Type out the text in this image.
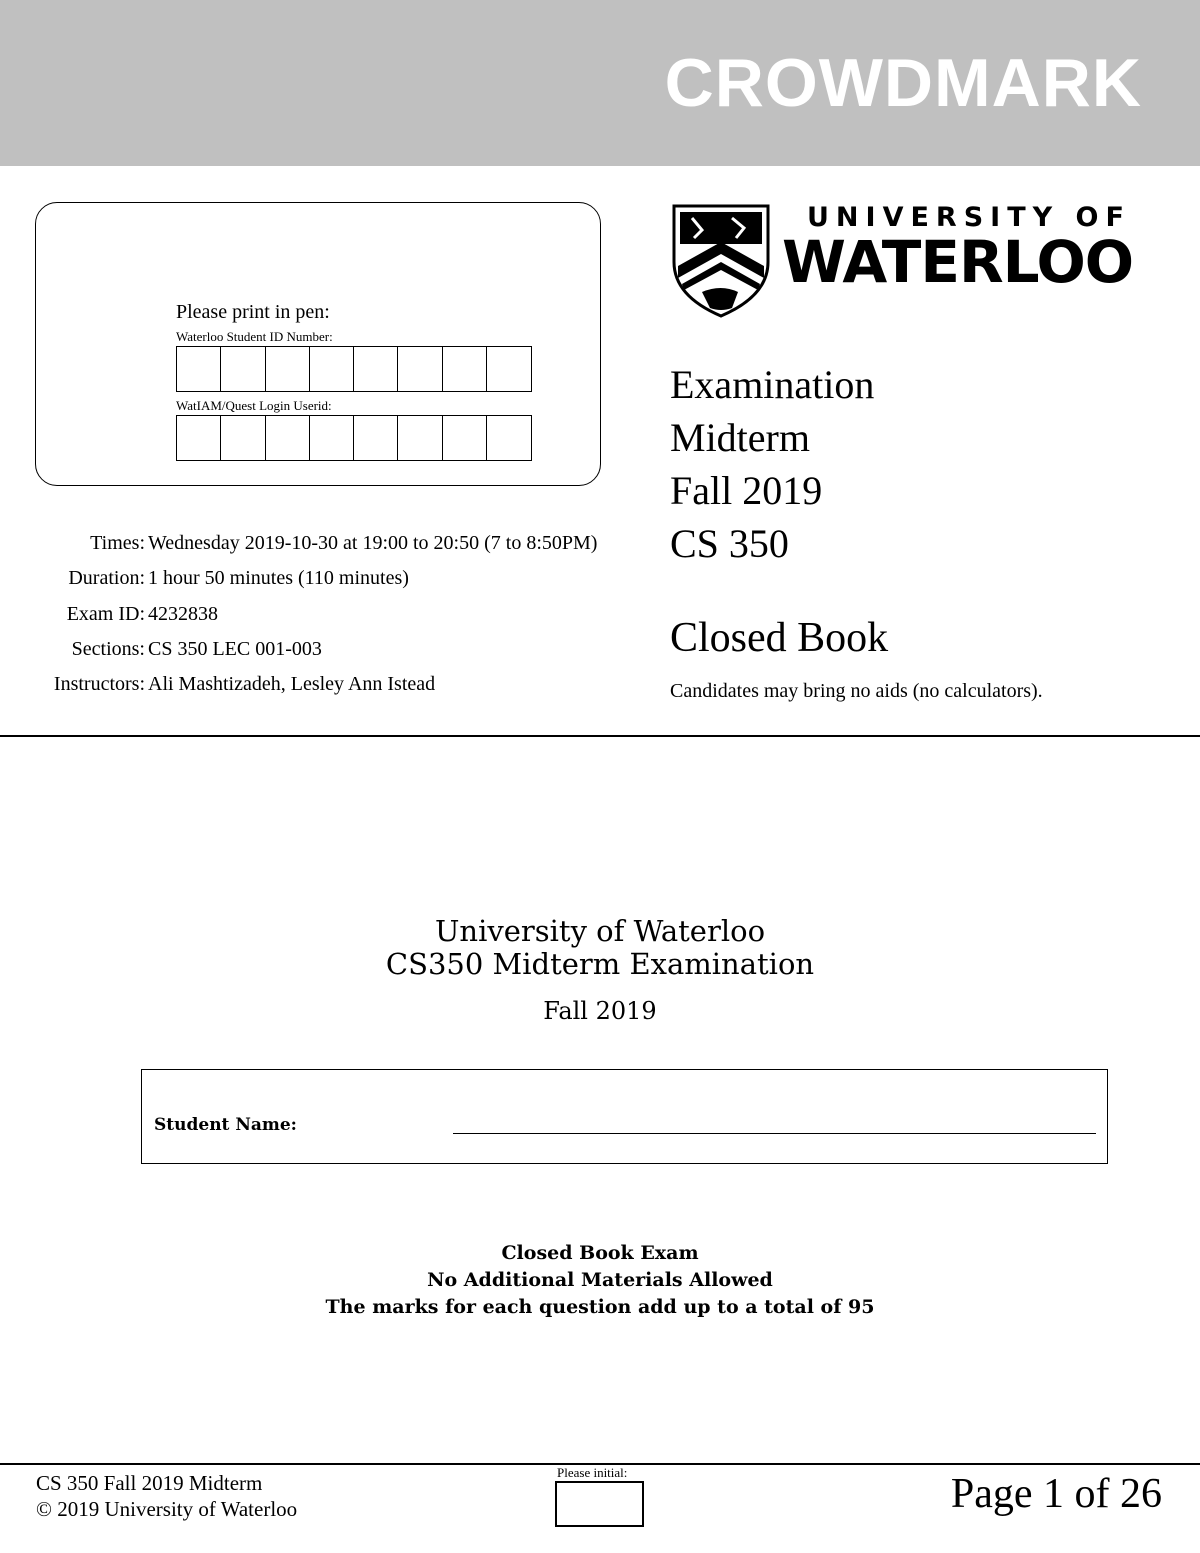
CROWDMARK
Please print in pen:
Waterloo Student ID Number:
WatIAM/Quest Login Userid:
UNIVERSITY OF
WATERLOO
Examination
Midterm
Fall 2019
CS 350
Closed Book
Candidates may bring no aids (no calculators).
Times: Wednesday 2019-10-30 at 19:00 to 20:50 (7 to 8:50PM)
Duration: 1 hour 50 minutes (110 minutes)
Exam ID: 4232838
Sections: CS 350 LEC 001-003
Instructors: Ali Mashtizadeh, Lesley Ann Istead
University of Waterloo
CS350 Midterm Examination
Fall 2019
Student Name:
Closed Book Exam
No Additional Materials Allowed
The marks for each question add up to a total of 95
CS 350 Fall 2019 Midterm
© 2019 University of Waterloo
Please initial:	Page 1 of 26
